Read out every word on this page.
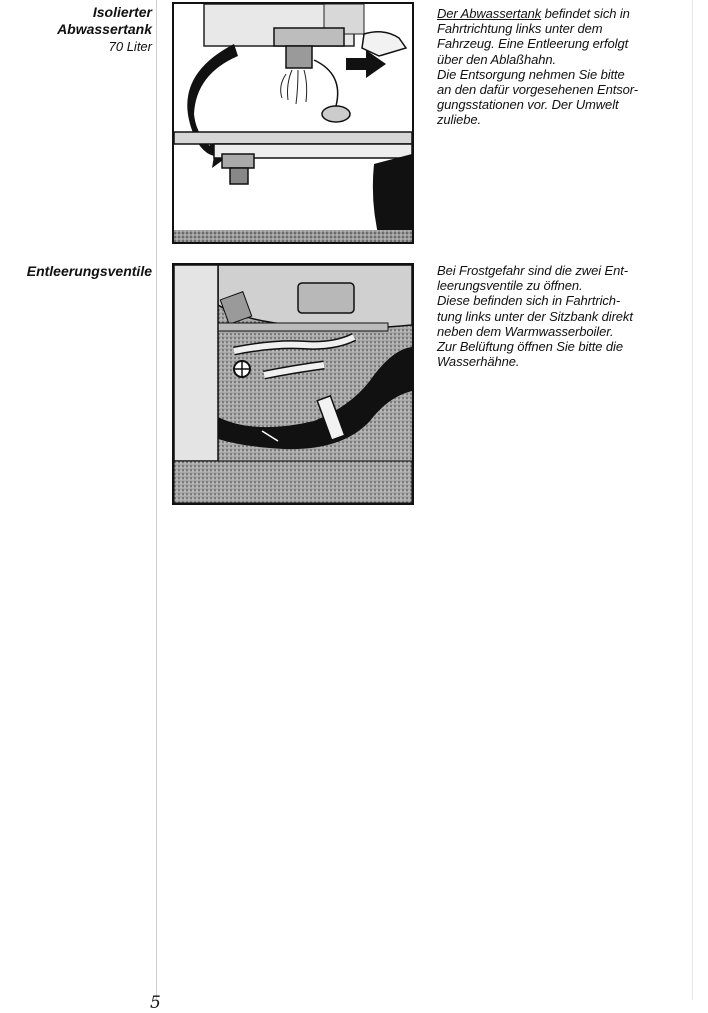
Isolierter
Abwassertank
70 Liter
Der Abwassertank befindet sich in
Fahrtrichtung links unter dem
Fahrzeug. Eine Entleerung erfolgt
über den Ablaßhahn.
Die Entsorgung nehmen Sie bitte
an den dafür vorgesehenen Entsor-
gungsstationen vor. Der Umwelt
zuliebe.
Entleerungsventile	Bei Frostgefahr sind die zwei Ent-
leerungsventile zu öffnen.
Diese befinden sich in Fahrtrich-
tung links unter der Sitzbank direkt
neben dem Warmwasserboiler.
Zur Belüftung öffnen Sie bitte die
Wasserhähne.
5
